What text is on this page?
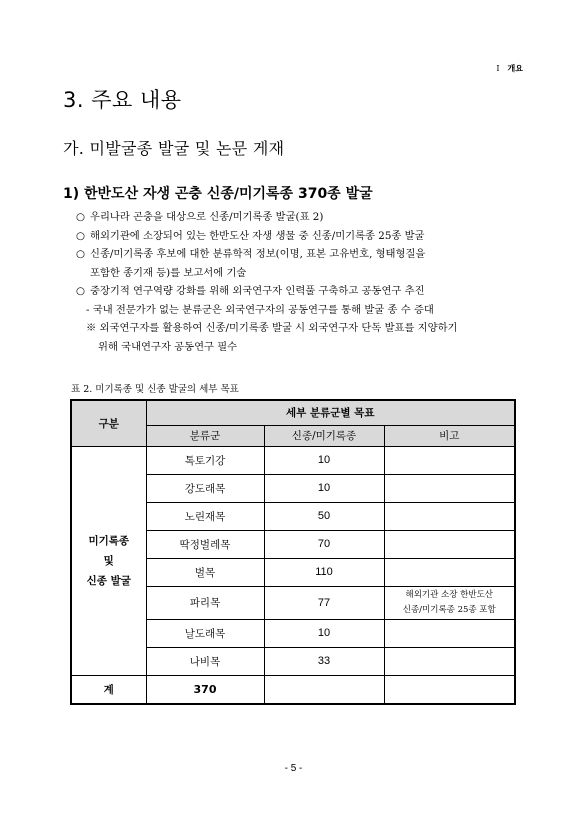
Ⅰ 개요
3. 주요 내용
가. 미발굴종 발굴 및 논문 게재
1) 한반도산 자생 곤충 신종/미기록종 370종 발굴
○ 우리나라 곤충을 대상으로 신종/미기록종 발굴(표 2)
○ 해외기관에 소장되어 있는 한반도산 자생 생물 중 신종/미기록종 25종 발굴
○ 신종/미기록종 후보에 대한 분류학적 정보(이명, 표본 고유번호, 형태형질을
포함한 종기재 등)를 보고서에 기술
○ 중장기적 연구역량 강화를 위해 외국연구자 인력풀 구축하고 공동연구 추진
- 국내 전문가가 없는 분류군은 외국연구자의 공동연구를 통해 발굴 종 수 증대
※ 외국연구자를 활용하여 신종/미기록종 발굴 시 외국연구자 단독 발표를 지양하기
위해 국내연구자 공동연구 필수
표 2. 미기록종 및 신종 발굴의 세부 목표
구분	세부 분류군별 목표		
	분류군	신종/미기록종	비고

미기록종
및
신종 발굴	톡토기강	10	
	강도래목	10	
	노린재목	50	
	딱정벌레목	70	
	벌목	110	
	파리목	77	해외기관 소장 한반도산
신종/미기록종 25종 포함

	날도래목	10	
	나비목	33	
계	370		
- 5 -
